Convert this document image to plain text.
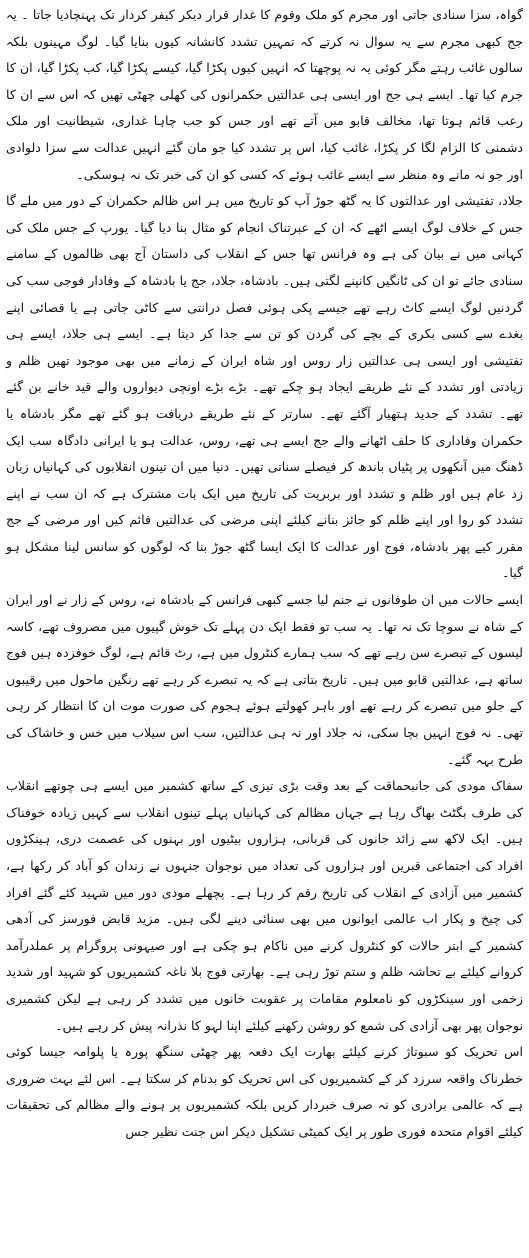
گواہ، سزا سنادی جاتی اور مجرم کو ملک وقوم کا غدار قرار دیکر کیفر کردار تک پہنچادیا جاتا ۔ یہ جج کبھی مجرم سے یہ سوال نہ کرتے کہ تمہیں تشدد کانشانہ کیوں بنایا گیا۔ لوگ مہینوں بلکہ سالوں غائب رہتے مگر کوئی یہ نہ پوچھتا کہ انہیں کیوں پکڑا گیا، کیسے پکڑا گیا، کب پکڑا گیا، ان کا جرم کیا تھا۔ ایسے ہی جج اور ایسی ہی عدالتیں حکمرانوں کی کھلی چھٹی تھیں کہ اس سے ان کا رعب قائم ہوتا تھا، مخالف قابو میں آتے تھے اور جس کو جب چاہا غداری، شیطانیت اور ملک دشمنی کا الزام لگا کر پکڑا، غائب کیا، اس پر تشدد کیا جو مان گئے انہیں عدالت سے سزا دلوادی اور جو نہ مانے وہ منظر سے ایسے غائب ہوئے کہ کسی کو ان کی خبر تک نہ ہوسکی۔

جلاد، تفتیشی اور عدالتوں کا یہ گٹھ جوڑ آپ کو تاریخ میں ہر اس ظالم حکمران کے دور میں ملے گا جس کے خلاف لوگ ایسے اٹھے کہ ان کے عبرتناک انجام کو مثال بنا دیا گیا۔ یورپ کے جس ملک کی کہانی میں نے بیان کی ہے وہ فرانس تھا جس کے انقلاب کی داستان آج بھی ظالموں کے سامنے سنادی جائے تو ان کی ٹانگیں کانپنے لگتی ہیں۔ بادشاہ، جلاد، جج یا بادشاہ کے وفادار فوجی سب کی گردنیں لوگ ایسے کاٹ رہے تھے جیسے پکی ہوئی فصل درانتی سے کاٹی جاتی ہے یا قصائی اپنے بغدے سے کسی بکری کے بچے کی گردن کو تن سے جدا کر دیتا ہے۔ ایسے ہی جلاد، ایسے ہی تفتیشی اور ایسی ہی عدالتیں زار روس اور شاہ ایران کے زمانے میں بھی موجود تھیں ظلم و زیادتی اور تشدد کے نئے طریقے ایجاد ہو چکے تھے۔ بڑے بڑے اونچی دیواروں والے قید خانے بن گئے تھے۔ تشدد کے جدید ہتھیار آگئے تھے۔ سارتر کے نئے طریقے دریافت ہو گئے تھے مگر بادشاہ یا حکمران وفاداری کا حلف اٹھانے والے جج ایسے ہی تھے، روس، عدالت ہو یا ایرانی دادگاہ سب ایک ڈھنگ میں آنکھوں پر پٹیاں باندھ کر فیصلے سناتی تھیں۔ دنیا میں ان تینوں انقلابوں کی کہانیاں زبان زد عام ہیں اور ظلم و تشدد اور بربریت کی تاریخ میں ایک بات مشترک ہے کہ ان سب نے اپنے تشدد کو روا اور اپنے ظلم کو جائز بنانے کیلئے اپنی مرضی کی عدالتیں قائم کیں اور مرضی کے جج مقرر کیے پھر بادشاہ، فوج اور عدالت کا ایک ایسا گٹھ جوڑ بنا کہ لوگوں کو سانس لینا مشکل ہو گیا۔

ایسے حالات میں ان طوفانوں نے جنم لیا جسے کبھی فرانس کے بادشاہ نے، روس کے زار نے اور ایران کے شاہ نے سوچا تک نہ تھا۔ یہ سب تو فقط ایک دن پہلے تک خوش گپیوں میں مصروف تھے، کاسہ لیسوں کے تبصرے سن رہے تھے کہ سب ہمارے کنٹرول میں ہے، رٹ قائم ہے، لوگ خوفزدہ ہیں فوج ساتھ ہے، عدالتیں قابو میں ہیں۔ تاریخ بتاتی ہے کہ یہ تبصرے کر رہے تھے رنگین ماحول میں رقیبوں کے جلو میں تبصرے کر رہے تھے اور باہر کھولتے ہوئے ہجوم کی صورت موت ان کا انتظار کر رہی تھی۔ نہ فوج انہیں بچا سکی، نہ جلاد اور نہ ہی عدالتیں، سب اس سیلاب میں خس و خاشاک کی طرح بہہ گئے۔

سفاک مودی کی جانبحماقت کے بعد وقت بڑی تیزی کے ساتھ کشمیر میں ایسے ہی چوتھے انقلاب کی طرف بگٹٹ بھاگ رہا ہے جہاں مظالم کی کہانیاں پہلے تینوں انقلاب سے کہیں زیادہ خوفناک ہیں۔ ایک لاکھ سے زائد جانوں کی قربانی، ہزاروں بیٹیوں اور بہنوں کی عصمت دری، ہینکڑوں افراد کی اجتماعی قبریں اور ہزاروں کی تعداد میں نوجوان جنہوں نے زندان کو آباد کر رکھا ہے، کشمیر میں آزادی کے انقلاب کی تاریخ رقم کر رہا ہے۔ پچھلے مودی دور میں شہید کئے گئے افراد کی چیخ و پکار اب عالمی ایوانوں میں بھی سنائی دینے لگی ہیں۔ مزید قابض فورسز کی آدھی کشمیر کے ابتر حالات کو کنٹرول کرنے میں ناکام ہو چکی ہے اور صیہونی پروگرام پر عملدرآمد کروانے کیلئے بے تحاشہ ظلم و ستم توڑ رہی ہے۔ بھارتی فوج بلا ناغہ کشمیریوں کو شہید اور شدید زخمی اور سینکڑوں کو نامعلوم مقامات پر عقوبت خانوں میں تشدد کر رہی ہے لیکن کشمیری نوجوان پھر بھی آزادی کی شمع کو روشن رکھنے کیلئے اپنا لہو کا نذرانہ پیش کر رہے ہیں۔

اس تحریک کو سبوتاژ کرنے کیلئے بھارت ایک دفعہ پھر چھٹی سنگھ پورہ یا پلوامہ جیسا کوئی خطرناک واقعہ سرزد کر کے کشمیریوں کی اس تحریک کو بدنام کر سکتا ہے۔ اس لئے بہت ضروری ہے کہ عالمی برادری کو نہ صرف خبردار کریں بلکہ کشمیریوں پر ہونے والے مظالم کی تحقیقات کیلئے اقوام متحدہ فوری طور پر ایک کمیٹی تشکیل دیکر اس جنت نظیر جس
